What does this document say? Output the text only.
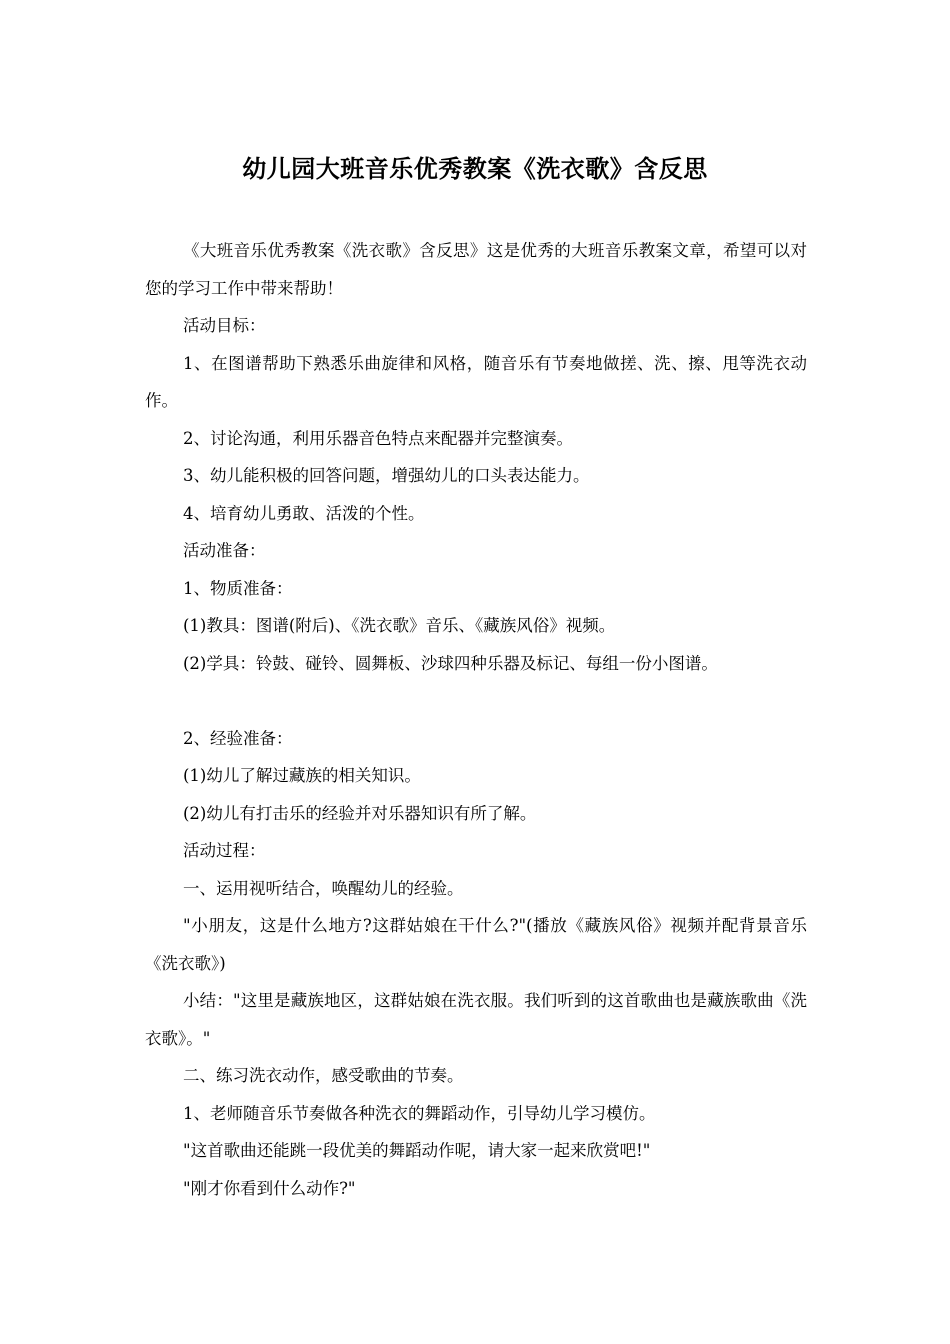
幼儿园大班音乐优秀教案《洗衣歌》含反思

《大班音乐优秀教案《洗衣歌》含反思》这是优秀的大班音乐教案文章，希望可以对您的学习工作中带来帮助！

活动目标：

1、在图谱帮助下熟悉乐曲旋律和风格，随音乐有节奏地做搓、洗、擦、甩等洗衣动作。

2、讨论沟通，利用乐器音色特点来配器并完整演奏。

3、幼儿能积极的回答问题，增强幼儿的口头表达能力。

4、培育幼儿勇敢、活泼的个性。

活动准备：

1、物质准备：

(1)教具：图谱(附后)、《洗衣歌》音乐、《藏族风俗》视频。

(2)学具：铃鼓、碰铃、圆舞板、沙球四种乐器及标记、每组一份小图谱。

2、经验准备：

(1)幼儿了解过藏族的相关知识。

(2)幼儿有打击乐的经验并对乐器知识有所了解。

活动过程：

一、运用视听结合，唤醒幼儿的经验。

"小朋友，这是什么地方?这群姑娘在干什么?"(播放《藏族风俗》视频并配背景音乐《洗衣歌》)

小结："这里是藏族地区，这群姑娘在洗衣服。我们听到的这首歌曲也是藏族歌曲《洗衣歌》。"

二、练习洗衣动作，感受歌曲的节奏。

1、老师随音乐节奏做各种洗衣的舞蹈动作，引导幼儿学习模仿。

"这首歌曲还能跳一段优美的舞蹈动作呢，请大家一起来欣赏吧!"

"刚才你看到什么动作?"
